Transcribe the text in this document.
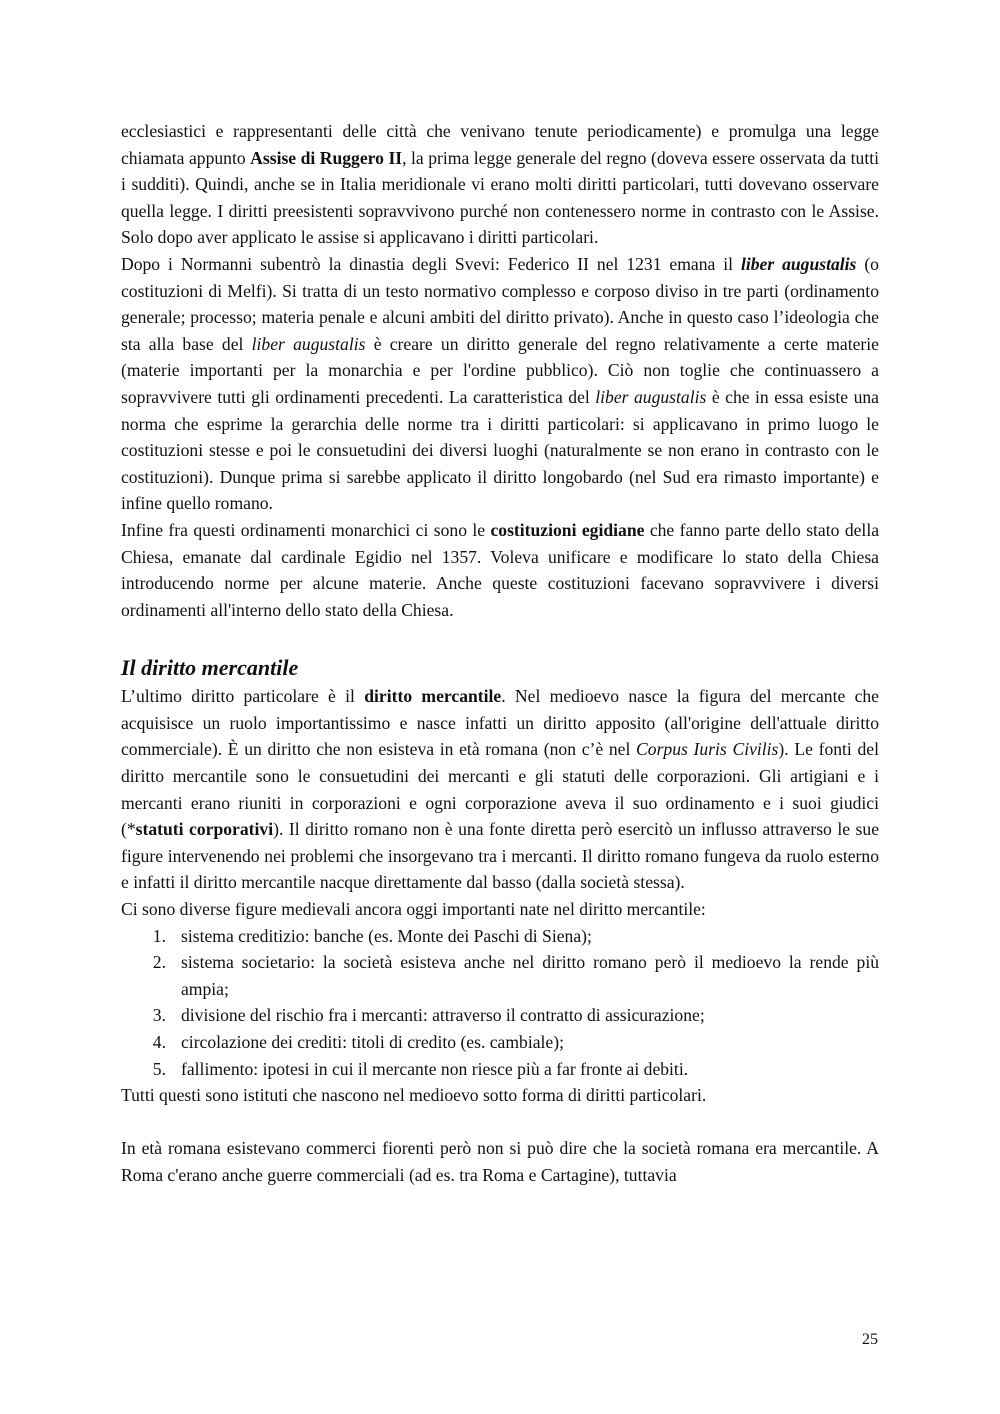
ecclesiastici e rappresentanti delle città che venivano tenute periodicamente) e promulga una legge chiamata appunto Assise di Ruggero II, la prima legge generale del regno (doveva essere osservata da tutti i sudditi). Quindi, anche se in Italia meridionale vi erano molti diritti particolari, tutti dovevano osservare quella legge. I diritti preesistenti sopravvivono purché non contenessero norme in contrasto con le Assise. Solo dopo aver applicato le assise si applicavano i diritti particolari.

Dopo i Normanni subentrò la dinastia degli Svevi: Federico II nel 1231 emana il liber augustalis (o costituzioni di Melfi). Si tratta di un testo normativo complesso e corposo diviso in tre parti (ordinamento generale; processo; materia penale e alcuni ambiti del diritto privato). Anche in questo caso l’ideologia che sta alla base del liber augustalis è creare un diritto generale del regno relativamente a certe materie (materie importanti per la monarchia e per l'ordine pubblico). Ciò non toglie che continuassero a sopravvivere tutti gli ordinamenti precedenti. La caratteristica del liber augustalis è che in essa esiste una norma che esprime la gerarchia delle norme tra i diritti particolari: si applicavano in primo luogo le costituzioni stesse e poi le consuetudini dei diversi luoghi (naturalmente se non erano in contrasto con le costituzioni). Dunque prima si sarebbe applicato il diritto longobardo (nel Sud era rimasto importante) e infine quello romano.

Infine fra questi ordinamenti monarchici ci sono le costituzioni egidiane che fanno parte dello stato della Chiesa, emanate dal cardinale Egidio nel 1357. Voleva unificare e modificare lo stato della Chiesa introducendo norme per alcune materie. Anche queste costituzioni facevano sopravvivere i diversi ordinamenti all'interno dello stato della Chiesa.

Il diritto mercantile

L’ultimo diritto particolare è il diritto mercantile. Nel medioevo nasce la figura del mercante che acquisisce un ruolo importantissimo e nasce infatti un diritto apposito (all'origine dell'attuale diritto commerciale). È un diritto che non esisteva in età romana (non c’è nel Corpus Iuris Civilis). Le fonti del diritto mercantile sono le consuetudini dei mercanti e gli statuti delle corporazioni. Gli artigiani e i mercanti erano riuniti in corporazioni e ogni corporazione aveva il suo ordinamento e i suoi giudici (*statuti corporativi). Il diritto romano non è una fonte diretta però esercitò un influsso attraverso le sue figure intervenendo nei problemi che insorgevano tra i mercanti. Il diritto romano fungeva da ruolo esterno e infatti il diritto mercantile nacque direttamente dal basso (dalla società stessa).

Ci sono diverse figure medievali ancora oggi importanti nate nel diritto mercantile:

1. sistema creditizio: banche (es. Monte dei Paschi di Siena);
2. sistema societario: la società esisteva anche nel diritto romano però il medioevo la rende più ampia;
3. divisione del rischio fra i mercanti: attraverso il contratto di assicurazione;
4. circolazione dei crediti: titoli di credito (es. cambiale);
5. fallimento: ipotesi in cui il mercante non riesce più a far fronte ai debiti.

Tutti questi sono istituti che nascono nel medioevo sotto forma di diritti particolari.

In età romana esistevano commerci fiorenti però non si può dire che la società romana era mercantile. A Roma c'erano anche guerre commerciali (ad es. tra Roma e Cartagine), tuttavia

25
